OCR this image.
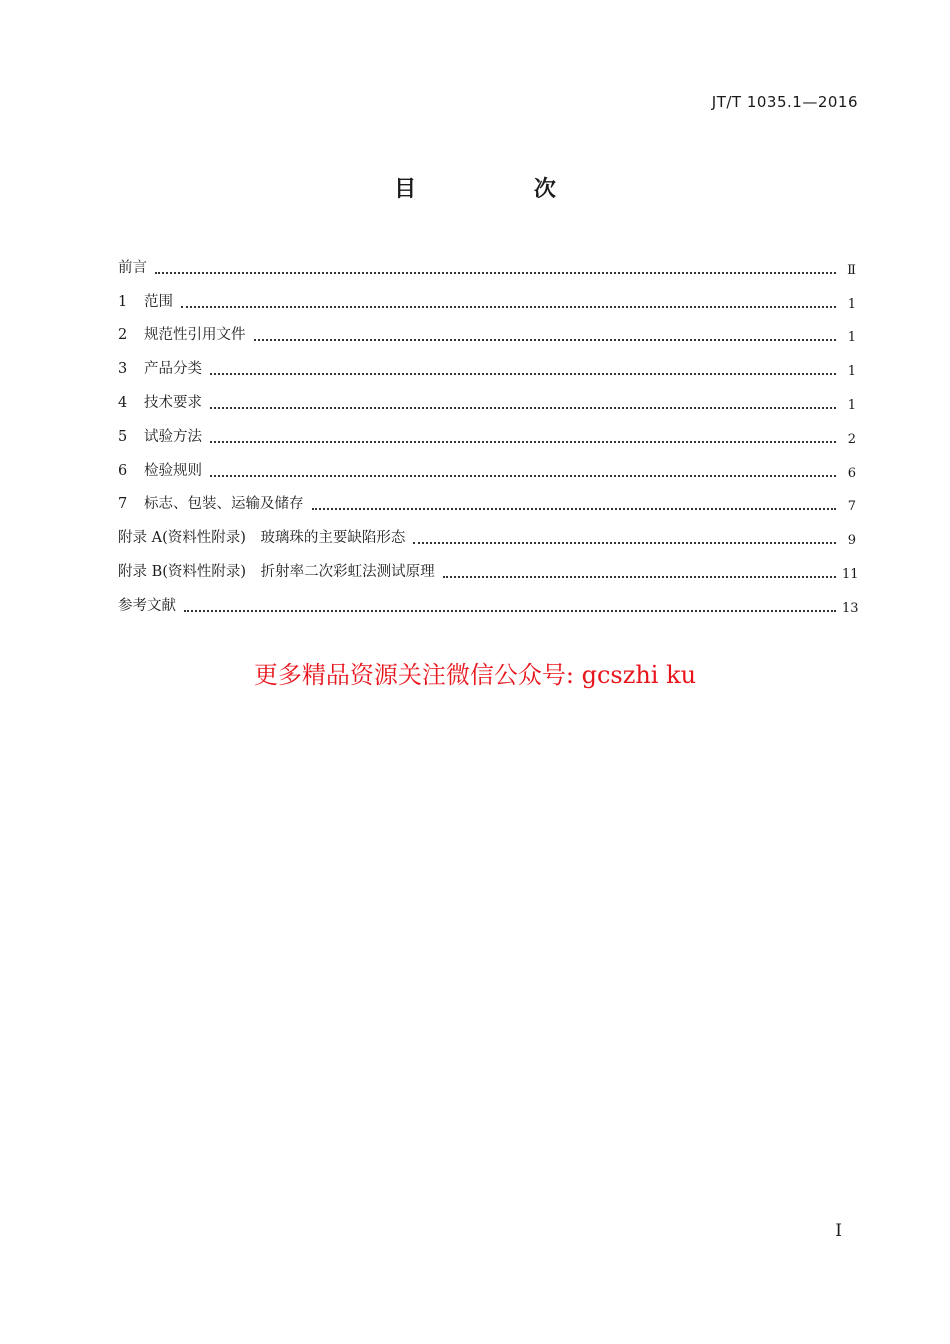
JT/T 1035.1—2016
目 次
前言	Ⅱ
1	范围	1
2	规范性引用文件	1
3	产品分类	1
4	技术要求	1
5	试验方法	2
6	检验规则	6
7	标志、包装、运输及储存	7
附录 A(资料性附录)　玻璃珠的主要缺陷形态	9
附录 B(资料性附录)　折射率二次彩虹法测试原理	11
参考文献	13
更多精品资源关注微信公众号: gcszhi ku
I
